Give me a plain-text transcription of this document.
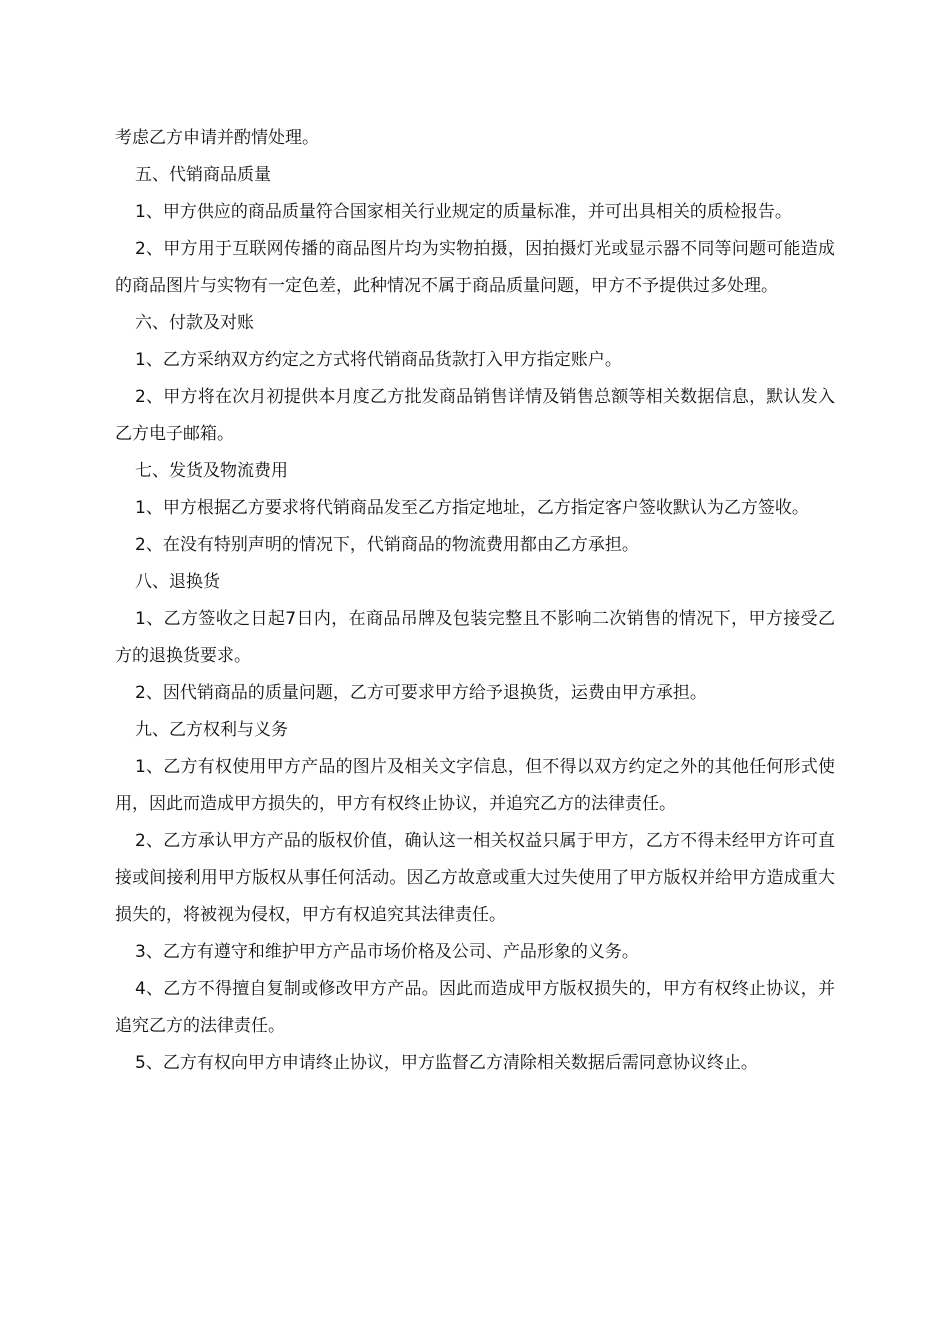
考虑乙方申请并酌情处理。

五、代销商品质量

1、甲方供应的商品质量符合国家相关行业规定的质量标准，并可出具相关的质检报告。

2、甲方用于互联网传播的商品图片均为实物拍摄，因拍摄灯光或显示器不同等问题可能造成的商品图片与实物有一定色差，此种情况不属于商品质量问题，甲方不予提供过多处理。

六、付款及对账

1、乙方采纳双方约定之方式将代销商品货款打入甲方指定账户。

2、甲方将在次月初提供本月度乙方批发商品销售详情及销售总额等相关数据信息，默认发入乙方电子邮箱。

七、发货及物流费用

1、甲方根据乙方要求将代销商品发至乙方指定地址，乙方指定客户签收默认为乙方签收。

2、在没有特别声明的情况下，代销商品的物流费用都由乙方承担。

八、退换货

1、乙方签收之日起7日内，在商品吊牌及包装完整且不影响二次销售的情况下，甲方接受乙方的退换货要求。

2、因代销商品的质量问题，乙方可要求甲方给予退换货，运费由甲方承担。

九、乙方权利与义务

1、乙方有权使用甲方产品的图片及相关文字信息，但不得以双方约定之外的其他任何形式使用，因此而造成甲方损失的，甲方有权终止协议，并追究乙方的法律责任。

2、乙方承认甲方产品的版权价值，确认这一相关权益只属于甲方，乙方不得未经甲方许可直接或间接利用甲方版权从事任何活动。因乙方故意或重大过失使用了甲方版权并给甲方造成重大损失的，将被视为侵权，甲方有权追究其法律责任。

3、乙方有遵守和维护甲方产品市场价格及公司、产品形象的义务。

4、乙方不得擅自复制或修改甲方产品。因此而造成甲方版权损失的，甲方有权终止协议，并追究乙方的法律责任。

5、乙方有权向甲方申请终止协议，甲方监督乙方清除相关数据后需同意协议终止。
